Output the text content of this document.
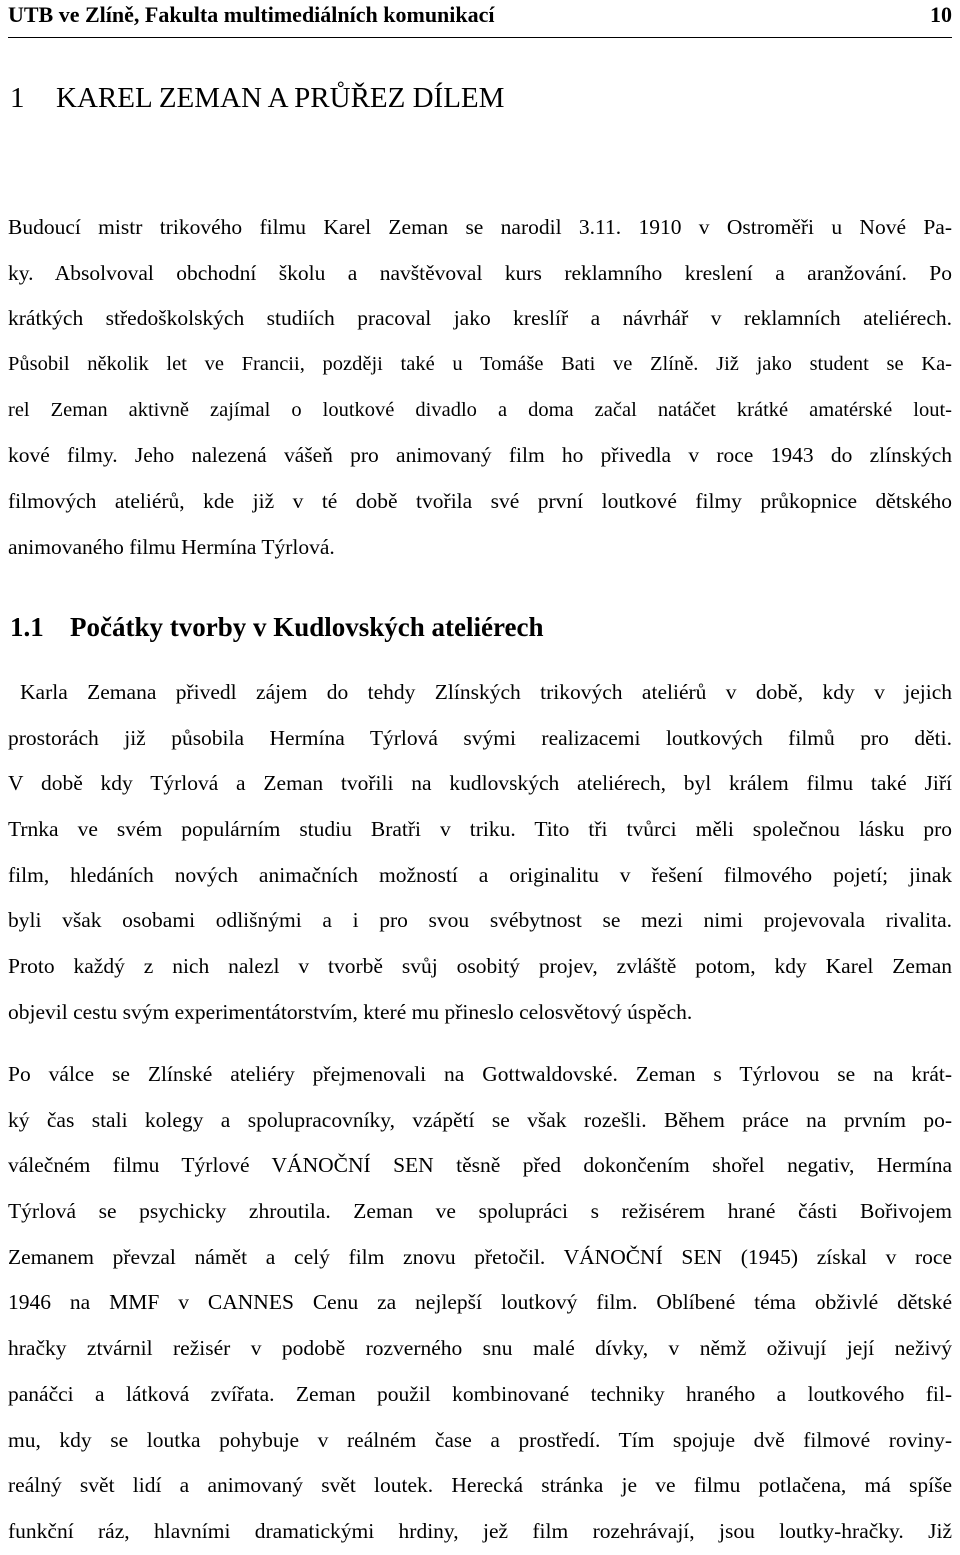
UTB ve Zlíně, Fakulta multimediálních komunikací	10
1 KAREL ZEMAN A PRŮŘEZ DÍLEM
Budoucí mistr trikového filmu Karel Zeman se narodil 3.11. 1910 v Ostroměři u Nové Pa-
ky. Absolvoval obchodní školu a navštěvoval kurs reklamního kreslení a aranžování. Po
krátkých středoškolských studiích pracoval jako kreslíř a návrhář v reklamních ateliérech.
Působil několik let ve Francii, později také u Tomáše Bati ve Zlíně. Již jako student se Ka-
rel Zeman aktivně zajímal o loutkové divadlo a doma začal natáčet krátké amatérské lout-
kové filmy. Jeho nalezená vášeň pro animovaný film ho přivedla v roce 1943 do zlínských
filmových ateliérů, kde již v té době tvořila své první loutkové filmy průkopnice dětského
animovaného filmu Hermína Týrlová.
1.1 Počátky tvorby v Kudlovských ateliérech
Karla Zemana přivedl zájem do tehdy Zlínských trikových ateliérů v době, kdy v jejich
prostorách již působila Hermína Týrlová svými realizacemi loutkových filmů pro děti.
V době kdy Týrlová a Zeman tvořili na kudlovských ateliérech, byl králem filmu také Jiří
Trnka ve svém populárním studiu Bratři v triku. Tito tři tvůrci měli společnou lásku pro
film, hledáních nových animačních možností a originalitu v řešení filmového pojetí; jinak
byli však osobami odlišnými a i pro svou svébytnost se mezi nimi projevovala rivalita.
Proto každý z nich nalezl v tvorbě svůj osobitý projev, zvláště potom, kdy Karel Zeman
objevil cestu svým experimentátorstvím, které mu přineslo celosvětový úspěch.
Po válce se Zlínské ateliéry přejmenovali na Gottwaldovské. Zeman s Týrlovou se na krát-
ký čas stali kolegy a spolupracovníky, vzápětí se však rozešli. Během práce na prvním po-
válečném filmu Týrlové VÁNOČNÍ SEN těsně před dokončením shořel negativ, Hermína
Týrlová se psychicky zhroutila. Zeman ve spolupráci s režisérem hrané části Bořivojem
Zemanem převzal námět a celý film znovu přetočil. VÁNOČNÍ SEN (1945) získal v roce
1946 na MMF v CANNES Cenu za nejlepší loutkový film. Oblíbené téma obživlé dětské
hračky ztvárnil režisér v podobě rozverného snu malé dívky, v němž oživují její neživý
panáčci a látková zvířata. Zeman použil kombinované techniky hraného a loutkového fil-
mu, kdy se loutka pohybuje v reálném čase a prostředí. Tím spojuje dvě filmové roviny-
reálný svět lidí a animovaný svět loutek. Herecká stránka je ve filmu potlačena, má spíše
funkční ráz, hlavními dramatickými hrdiny, jež film rozehrávají, jsou loutky-hračky. Již
